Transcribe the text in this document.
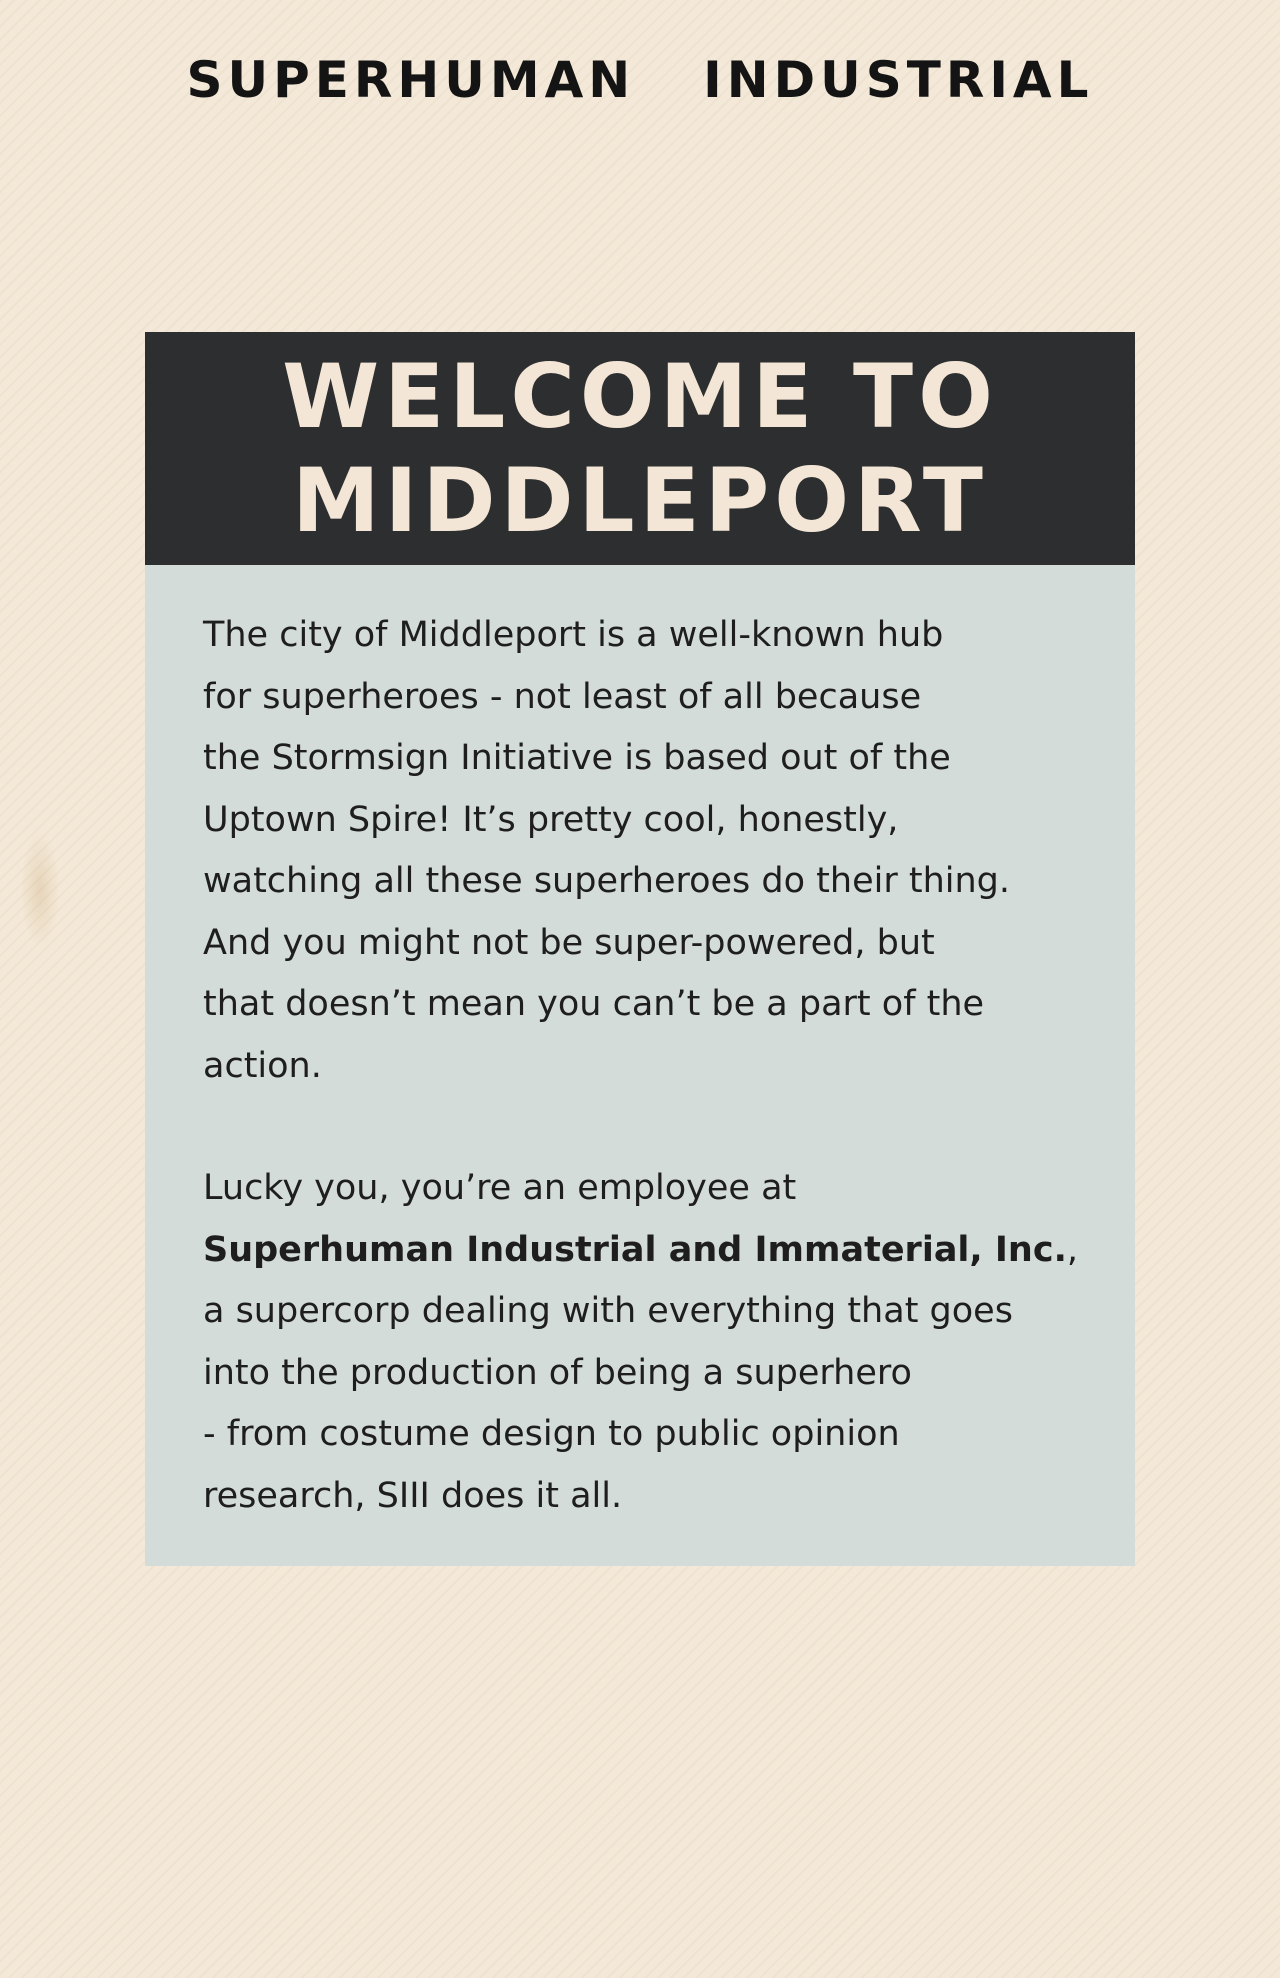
SUPERHUMAN INDUSTRIAL
WELCOME TO
MIDDLEPORT

The city of Middleport is a well-known hub
for superheroes - not least of all because
the Stormsign Initiative is based out of the
Uptown Spire! It’s pretty cool, honestly,
watching all these superheroes do their thing.
And you might not be super-powered, but
that doesn’t mean you can’t be a part of the
action.

Lucky you, you’re an employee at
Superhuman Industrial and Immaterial, Inc.,
a supercorp dealing with everything that goes
into the production of being a superhero
- from costume design to public opinion
research, SIII does it all.
